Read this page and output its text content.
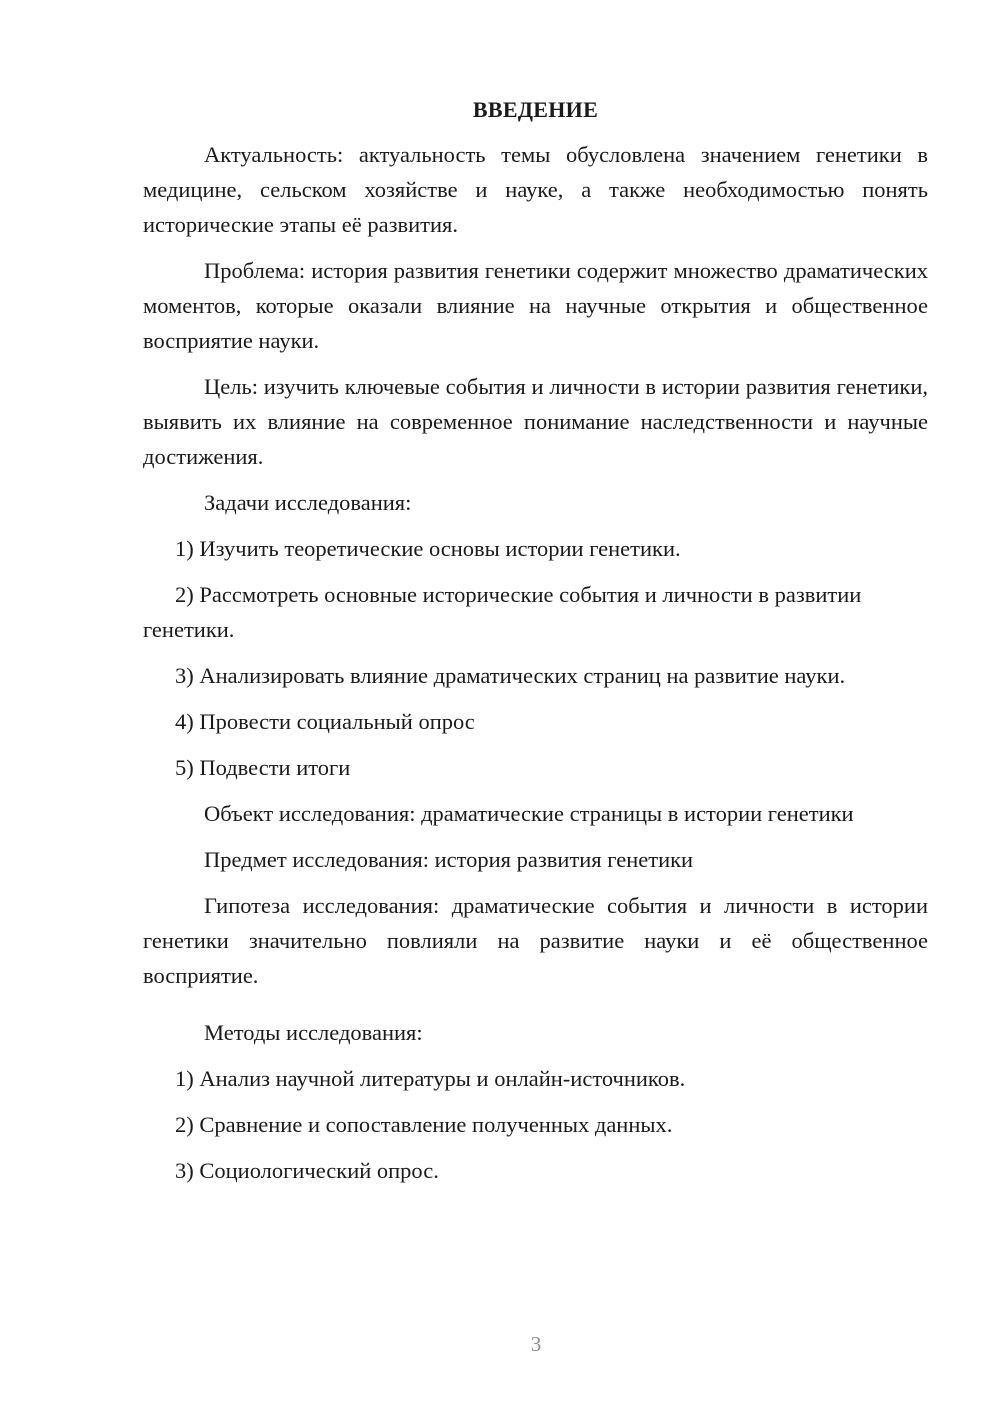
ВВЕДЕНИЕ
Актуальность: актуальность темы обусловлена значением генетики в медицине, сельском хозяйстве и науке, а также необходимостью понять исторические этапы её развития.
Проблема: история развития генетики содержит множество драматических моментов, которые оказали влияние на научные открытия и общественное восприятие науки.
Цель: изучить ключевые события и личности в истории развития генетики, выявить их влияние на современное понимание наследственности и научные достижения.
Задачи исследования:
1) Изучить теоретические основы истории генетики.
2) Рассмотреть основные исторические события и личности в развитии генетики.
3) Анализировать влияние драматических страниц на развитие науки.
4) Провести социальный опрос
5) Подвести итоги
Объект исследования: драматические страницы в истории генетики
Предмет исследования: история развития генетики
Гипотеза исследования: драматические события и личности в истории генетики значительно повлияли на развитие науки и её общественное восприятие.
Методы исследования:
1) Анализ научной литературы и онлайн-источников.
2) Сравнение и сопоставление полученных данных.
3) Социологический опрос.
3
